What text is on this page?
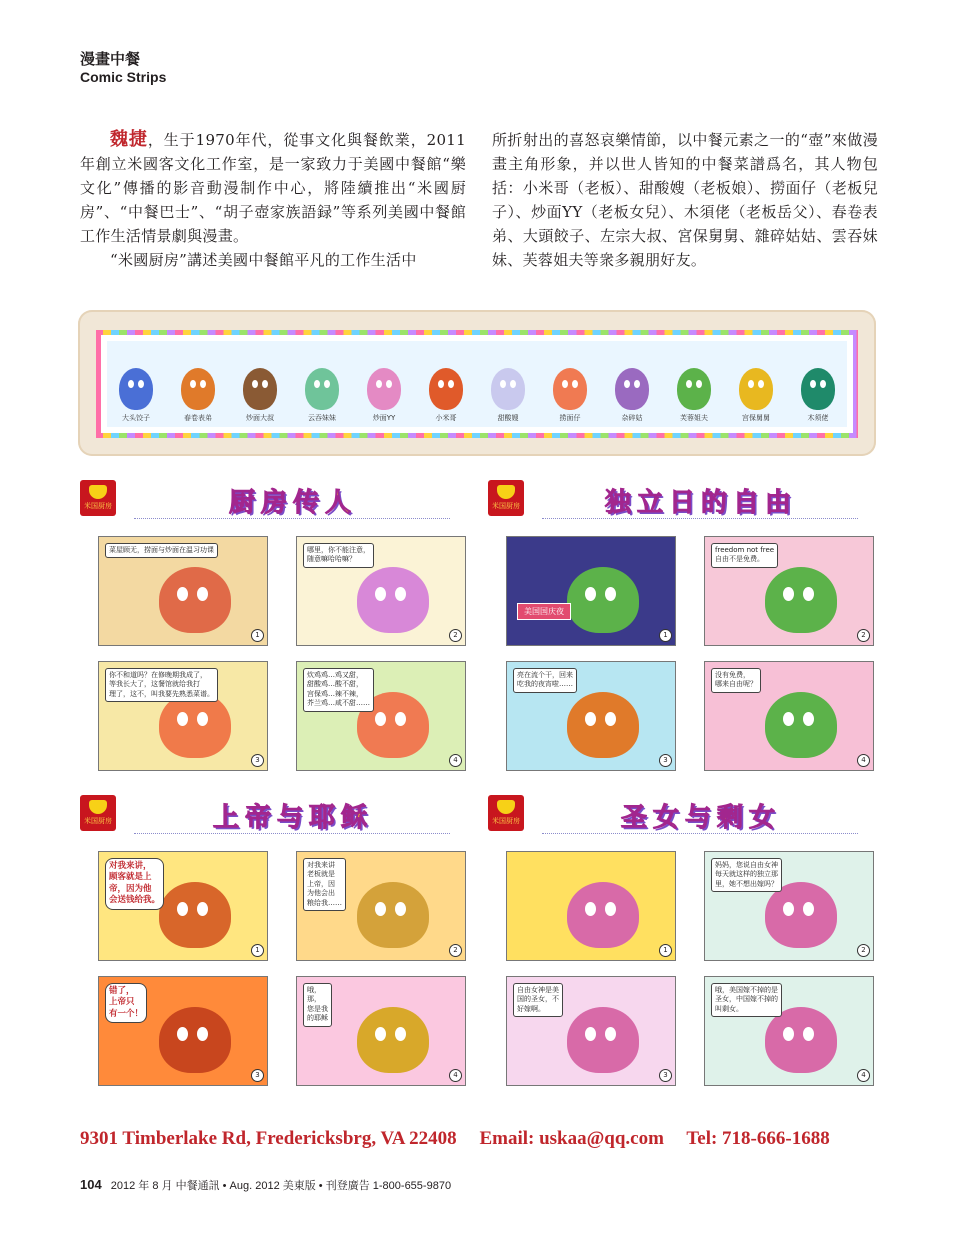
漫畫中餐
Comic Strips

魏捷，生于1970年代，從事文化與餐飲業，2011年創立米國客文化工作室，是一家致力于美國中餐館“樂文化”傳播的影音動漫制作中心，將陸續推出“米國厨房”、“中餐巴士”、“胡子壺家族語録”等系列美國中餐館工作生活情景劇與漫畫。

“米國厨房”講述美國中餐館平凡的工作生活中

所折射出的喜怒哀樂情節，以中餐元素之一的“壺”來做漫畫主角形象，并以世人皆知的中餐菜譜爲名，其人物包括：小米哥（老板）、甜酸嫂（老板娘）、撈面仔（老板兒子）、炒面YY（老板女兒）、木須佬（老板岳父）、春卷表弟、大頭餃子、左宗大叔、宮保舅舅、雜碎姑姑、雲吞妹妹、芙蓉姐夫等衆多親朋好友。

大头饺子	春卷表弟	炒面大叔	云吞妹妹	炒面YY	小米哥	甜酸嫂	捞面仔	杂碎姑	芙蓉姐夫	宫保舅舅	木须佬
米国厨房	厨房传人
菜屋顾无，捞面与炒面在温习功课
1
哪里，你不能注意，
随意嘛哈哈嘛？
2
你不和道吗？在修晚期我成了，
等我长大了，这餐馆就给我打
理了，这不，叫我要先熟悉菜谱。
3
炊鸡鸡…鸡又甜，
甜酸鸡…酸不甜，
宫保鸡…辣不辣，
芥兰鸡…咸不甜……
4
米国厨房	独立日的自由
美国国庆夜
1
freedom not free
自由不是免费。
2
亮在流个干，回来
吃我的夜宵啦……
3
没有免费，
哪来自由呢？
4
米国厨房	上帝与耶稣
对我来讲，
顾客就是上
帝，因为他
会送钱给我。
1
对我来讲
老板就是
上帝，因
为他会出
粮给我……
2
错了，
上帝只
有一个！
3
哦，
那，
您是我
的耶稣
4
米国厨房	圣女与剩女
1
妈妈，您说自由女神
每天就这样的独立那
里，她不想出嫁吗？
2
自由女神是美
国的圣女，不
好嫁啊。
3
哦，美国嫁不掉的是
圣女，中国嫁不掉的
叫剩女。
4
9301 Timberlake Rd, Fredericksbrg, VA 22408 Email: uskaa@qq.com Tel: 718-666-1688
104 2012 年 8 月 中餐通訊 • Aug. 2012 美東版 • 刊登廣告 1-800-655-9870
